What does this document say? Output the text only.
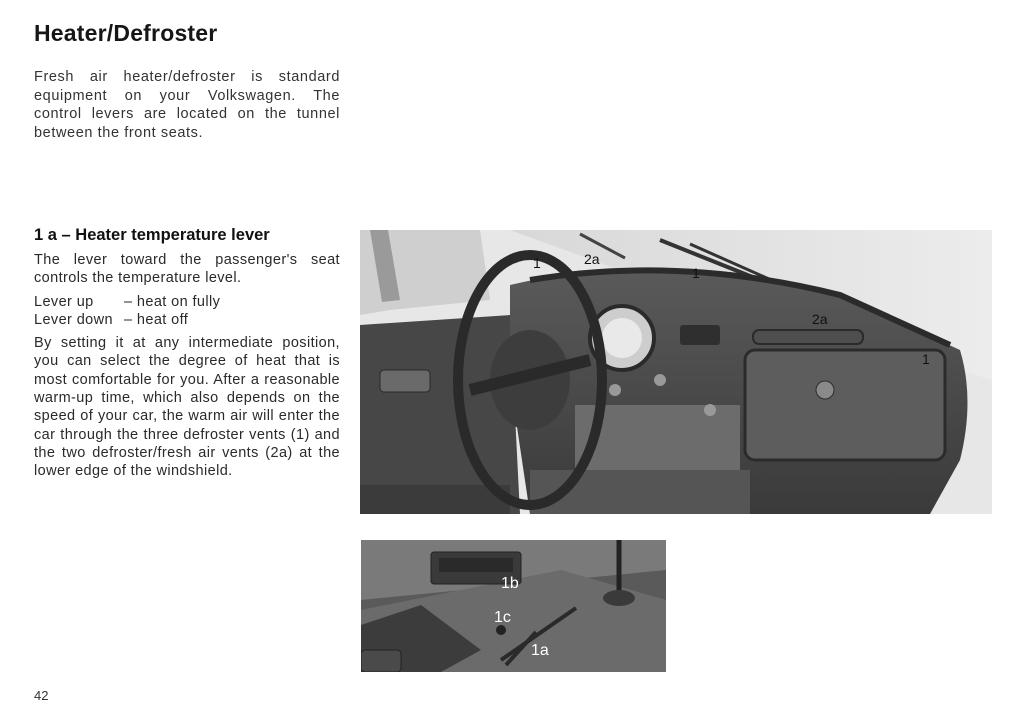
Heater/Defroster
Fresh air heater/defroster is standard equipment on your Volkswagen. The control levers are located on the tunnel between the front seats.
1 a – Heater temperature lever

The lever toward the passenger's seat controls the temperature level.

Lever up	– heat on fully
Lever down – heat off

By setting it at any intermediate position, you can select the degree of heat that is most comfortable for you. After a reasonable warm-up time, which also depends on the speed of your car, the warm air will enter the car through the three defroster vents (1) and the two defroster/fresh air vents (2a) at the lower edge of the windshield.

1	2a
1
2a
1
1b
1c
1a
42
